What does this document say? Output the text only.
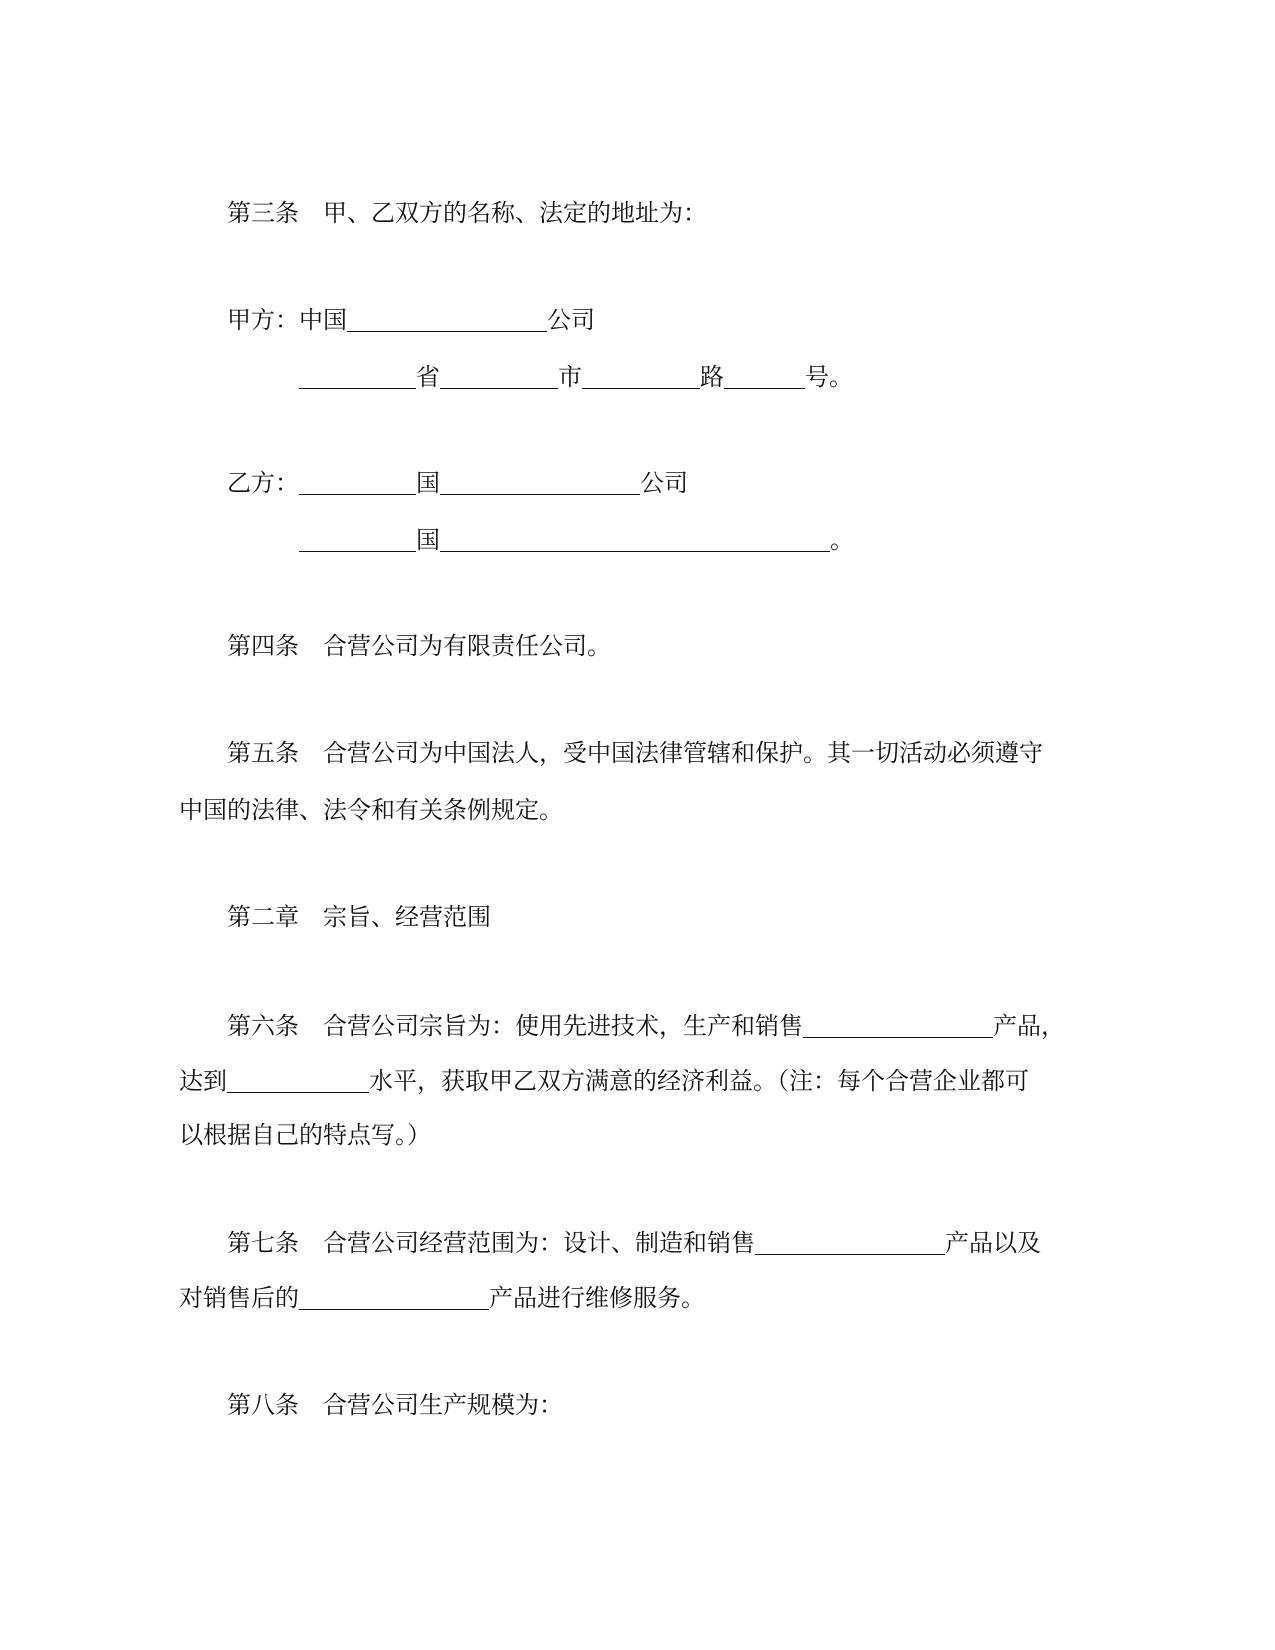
第三条 甲、乙双方的名称、法定的地址为：
甲方：中国	公司
省	市	路	号。
乙方：	国	公司
国	。
第四条 合营公司为有限责任公司。
第五条 合营公司为中国法人，受中国法律管辖和保护。其一切活动必须遵守
中国的法律、法令和有关条例规定。
第二章 宗旨、经营范围
第六条 合营公司宗旨为：使用先进技术，生产和销售	产品，
达到	水平，获取甲乙双方满意的经济利益。（注：每个合营企业都可
以根据自己的特点写。）
第七条 合营公司经营范围为：设计、制造和销售	产品以及
对销售后的	产品进行维修服务。
第八条 合营公司生产规模为：
